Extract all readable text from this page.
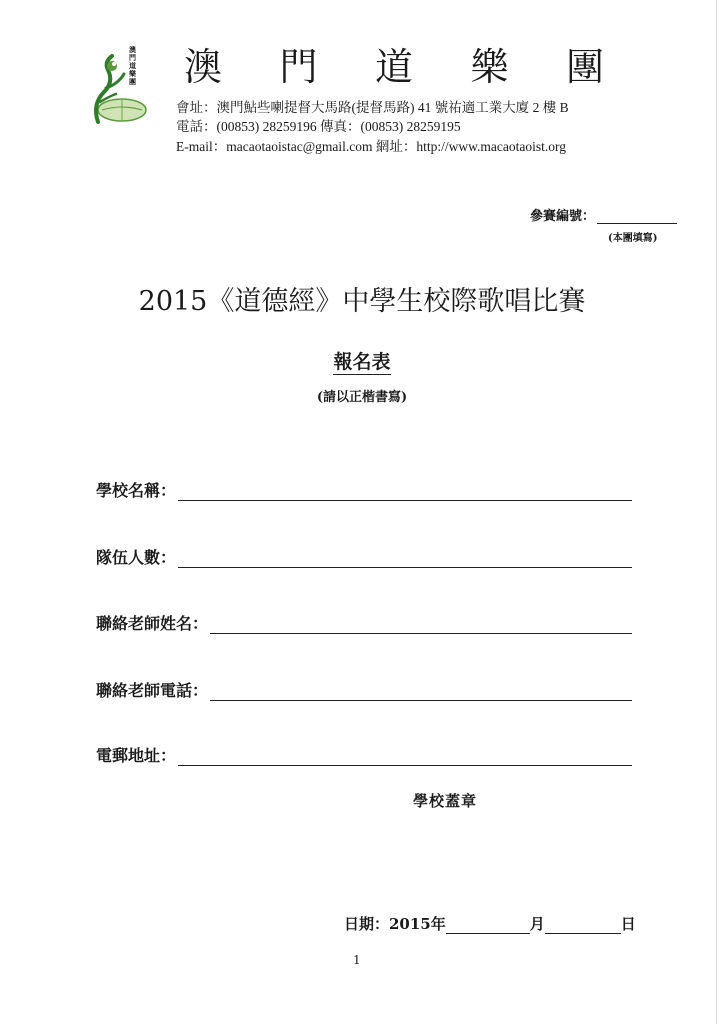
澳門道樂團 澳 門 道 樂 團
會址：澳門鮎些喇提督大馬路(提督馬路) 41 號祐適工業大廈 2 樓 B
電話：(00853) 28259196 傳真：(00853) 28259195
E-mail：macaotaoistac@gmail.com 網址：http://www.macaotaoist.org
參賽編號：
(本團填寫)
2015《道德經》中學生校際歌唱比賽
報名表
(請以正楷書寫)
學校名稱：
隊伍人數：
聯絡老師姓名：
聯絡老師電話：
電郵地址：
學校蓋章
日期：2015年	月	日
1
